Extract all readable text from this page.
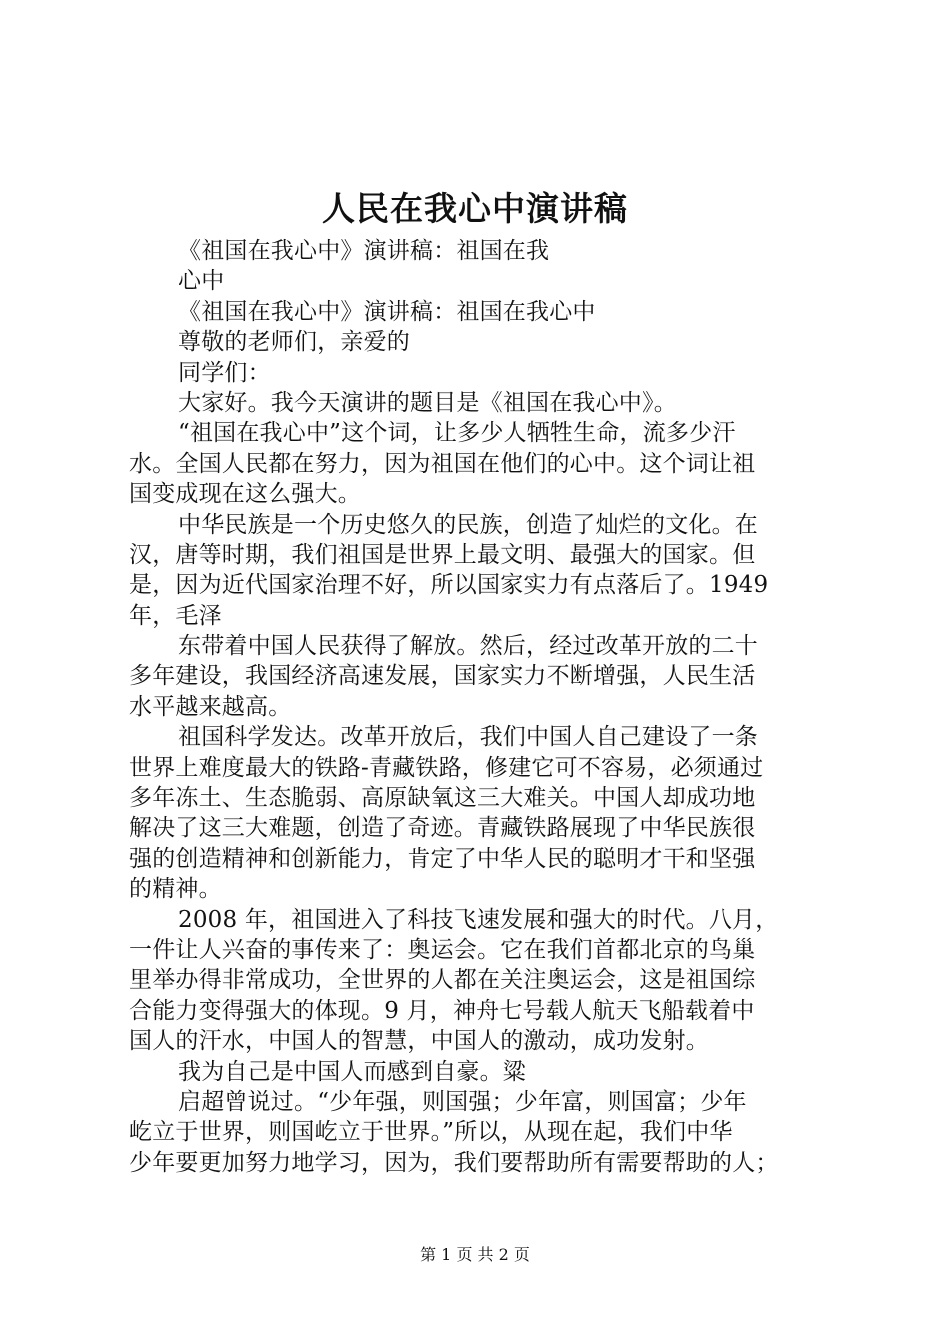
人民在我心中演讲稿
《祖国在我心中》演讲稿：祖国在我
心中
《祖国在我心中》演讲稿：祖国在我心中
尊敬的老师们，亲爱的
同学们：
大家好。我今天演讲的题目是《祖国在我心中》。
“祖国在我心中”这个词，让多少人牺牲生命，流多少汗
水。全国人民都在努力，因为祖国在他们的心中。这个词让祖
国变成现在这么强大。
中华民族是一个历史悠久的民族，创造了灿烂的文化。在
汉，唐等时期，我们祖国是世界上最文明、最强大的国家。但
是，因为近代国家治理不好，所以国家实力有点落后了。1949
年，毛泽
东带着中国人民获得了解放。然后，经过改革开放的二十
多年建设，我国经济高速发展，国家实力不断增强，人民生活
水平越来越高。
祖国科学发达。改革开放后，我们中国人自己建设了一条
世界上难度最大的铁路-青藏铁路，修建它可不容易，必须通过
多年冻土、生态脆弱、高原缺氧这三大难关。中国人却成功地
解决了这三大难题，创造了奇迹。青藏铁路展现了中华民族很
强的创造精神和创新能力，肯定了中华人民的聪明才干和坚强
的精神。
2008 年，祖国进入了科技飞速发展和强大的时代。八月，
一件让人兴奋的事传来了：奥运会。它在我们首都北京的鸟巢
里举办得非常成功，全世界的人都在关注奥运会，这是祖国综
合能力变得强大的体现。9 月，神舟七号载人航天飞船载着中
国人的汗水，中国人的智慧，中国人的激动，成功发射。
我为自己是中国人而感到自豪。粱
启超曾说过。“少年强，则国强；少年富，则国富；少年
屹立于世界，则国屹立于世界。”所以，从现在起，我们中华
少年要更加努力地学习，因为，我们要帮助所有需要帮助的人；
第 1 页 共 2 页
